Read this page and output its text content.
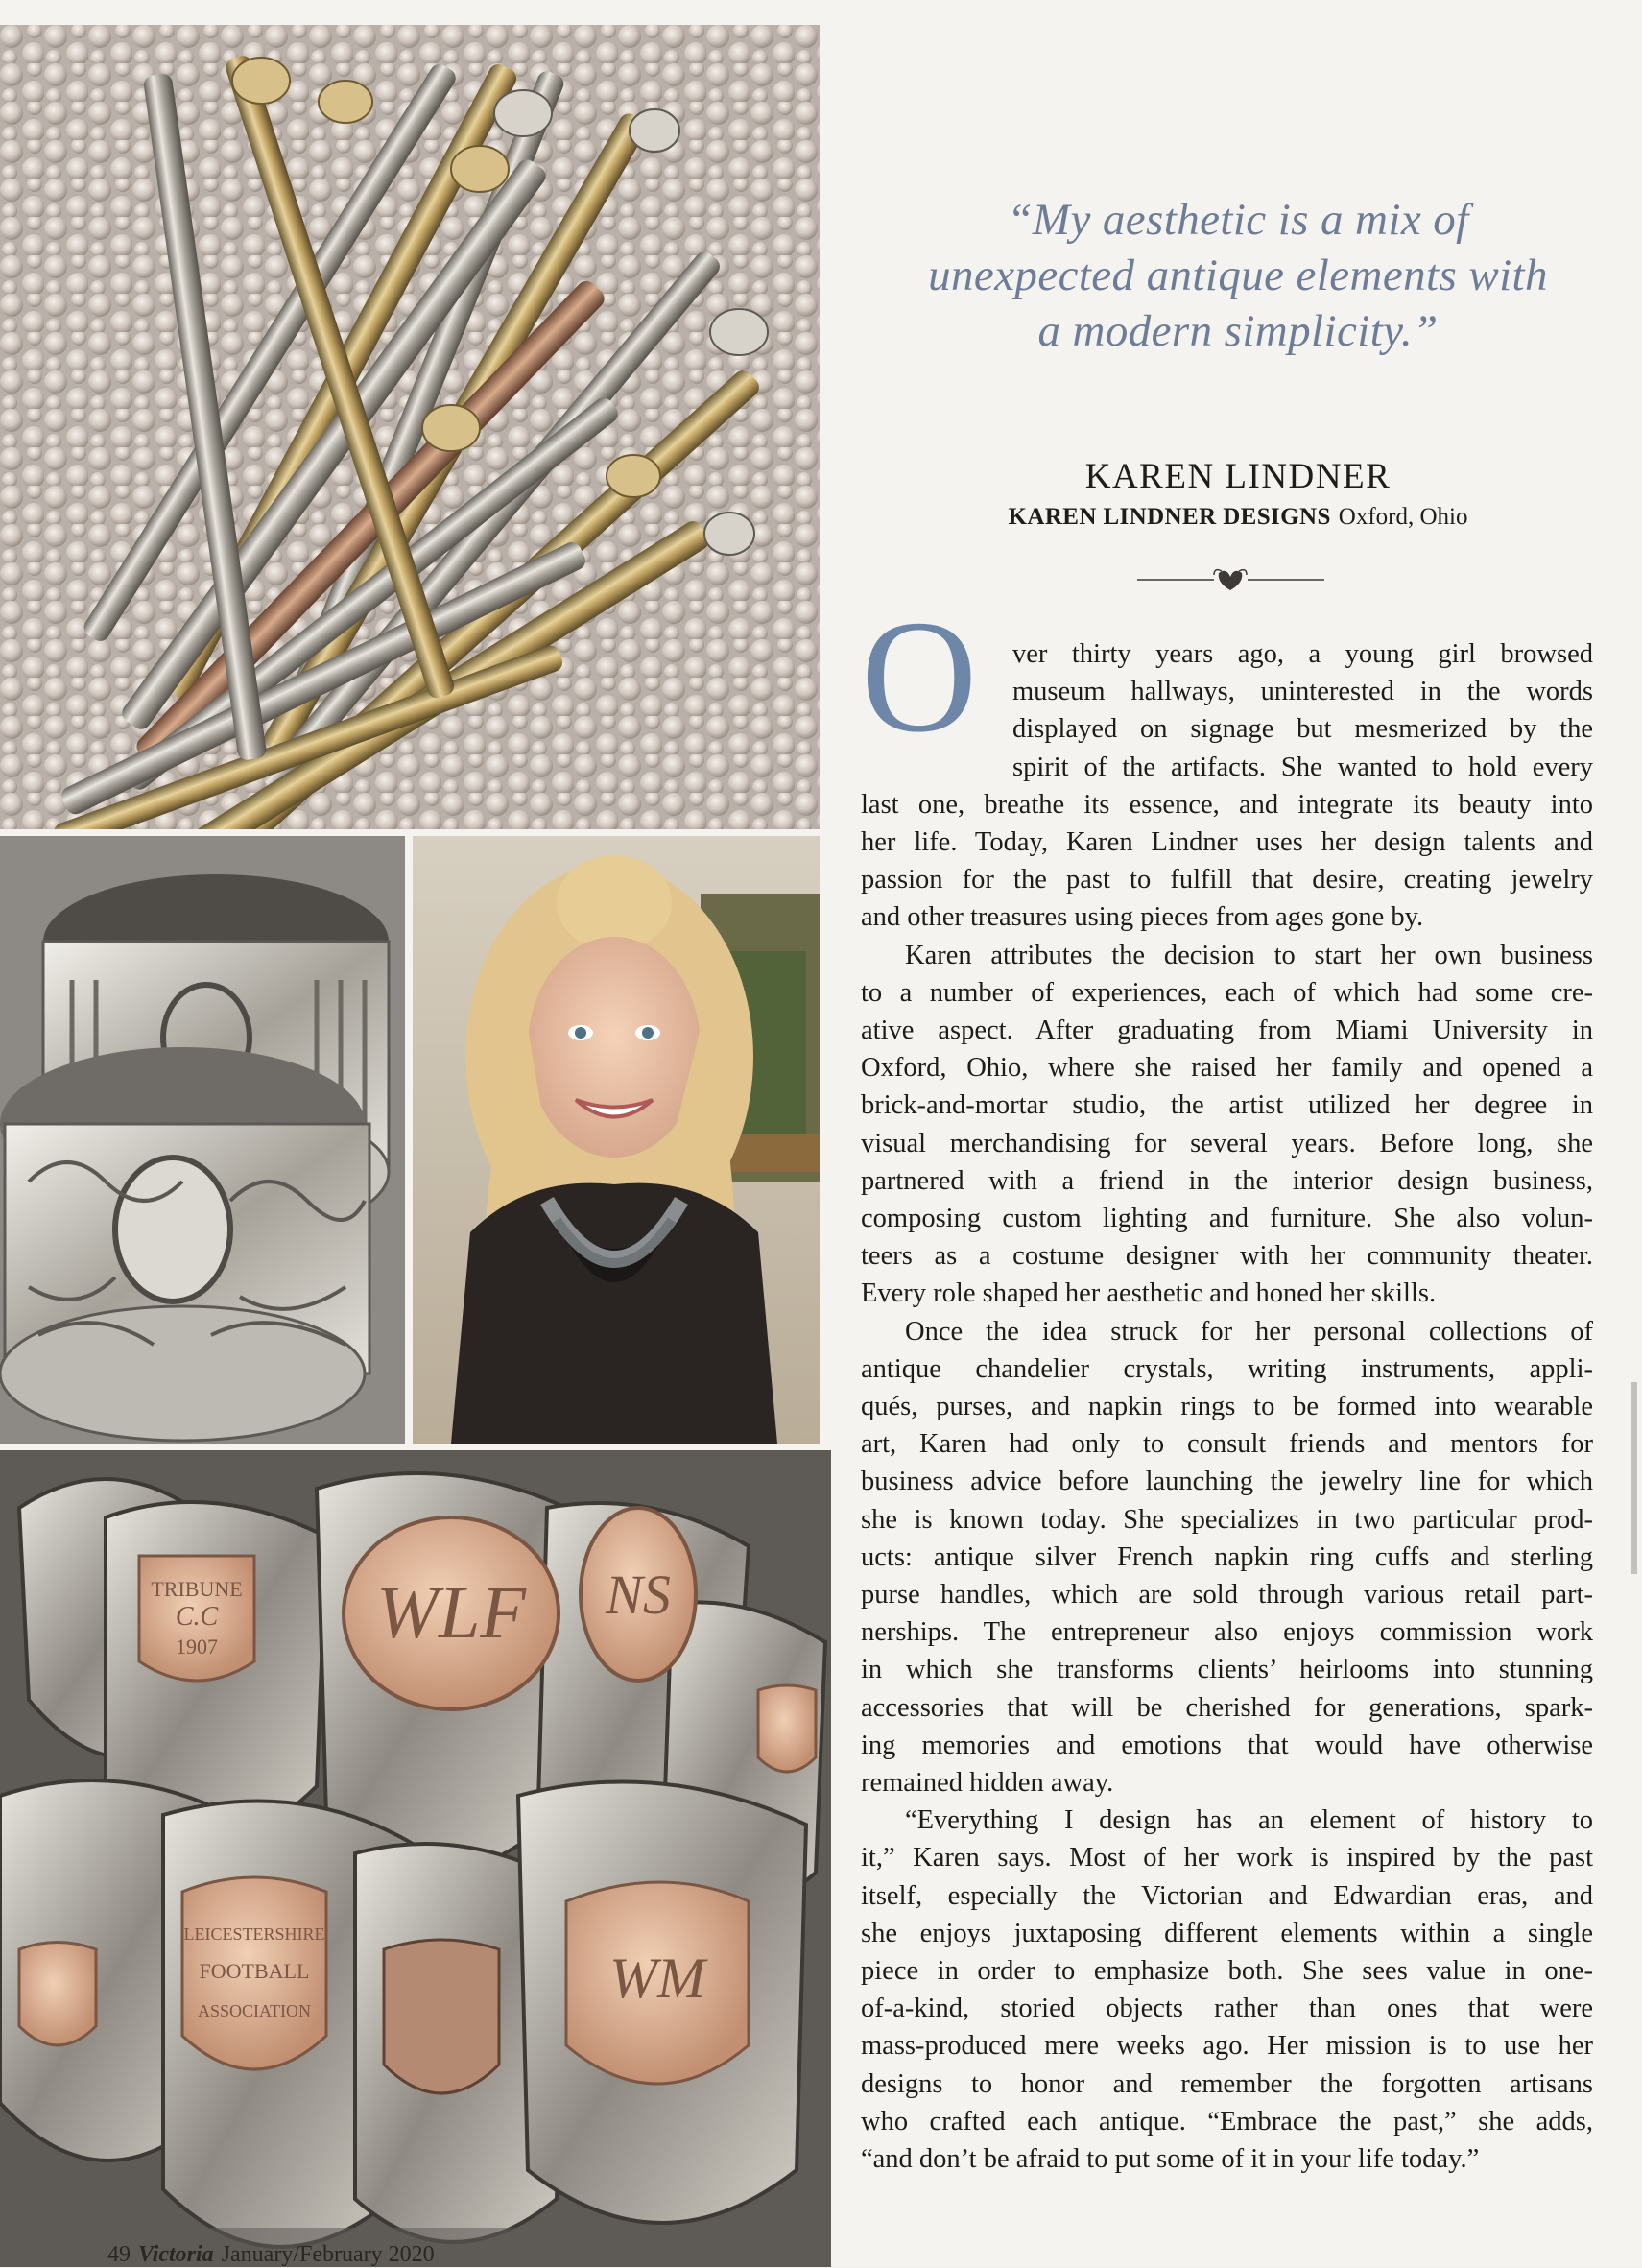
TRIBUNE
C.C
1907 WLF NS
LEICESTERSHIRE
FOOTBALL
ASSOCIATION
WM
“My aesthetic is a mix of
unexpected antique elements with
a modern simplicity.”
KAREN LINDNER
KAREN LINDNER DESIGNS Oxford, Ohio
O ver thirty years ago, a young girl browsed
museum hallways, uninterested in the words
displayed on signage but mesmerized by the
spirit of the artifacts. She wanted to hold every
last one, breathe its essence, and integrate its beauty into
her life. Today, Karen Lindner uses her design talents and
passion for the past to fulfill that desire, creating jewelry
and other treasures using pieces from ages gone by.
Karen attributes the decision to start her own business
to a number of experiences, each of which had some cre-
ative aspect. After graduating from Miami University in
Oxford, Ohio, where she raised her family and opened a
brick-and-mortar studio, the artist utilized her degree in
visual merchandising for several years. Before long, she
partnered with a friend in the interior design business,
composing custom lighting and furniture. She also volun-
teers as a costume designer with her community theater.
Every role shaped her aesthetic and honed her skills.
Once the idea struck for her personal collections of
antique chandelier crystals, writing instruments, appli-
qués, purses, and napkin rings to be formed into wearable
art, Karen had only to consult friends and mentors for
business advice before launching the jewelry line for which
she is known today. She specializes in two particular prod-
ucts: antique silver French napkin ring cuffs and sterling
purse handles, which are sold through various retail part-
nerships. The entrepreneur also enjoys commission work
in which she transforms clients’ heirlooms into stunning
accessories that will be cherished for generations, spark-
ing memories and emotions that would have otherwise
remained hidden away.
“Everything I design has an element of history to
it,” Karen says. Most of her work is inspired by the past
itself, especially the Victorian and Edwardian eras, and
she enjoys juxtaposing different elements within a single
piece in order to emphasize both. She sees value in one-
of-a-kind, storied objects rather than ones that were
mass-produced mere weeks ago. Her mission is to use her
designs to honor and remember the forgotten artisans
who crafted each antique. “Embrace the past,” she adds,
“and don’t be afraid to put some of it in your life today.”
49 Victoria January/February 2020
